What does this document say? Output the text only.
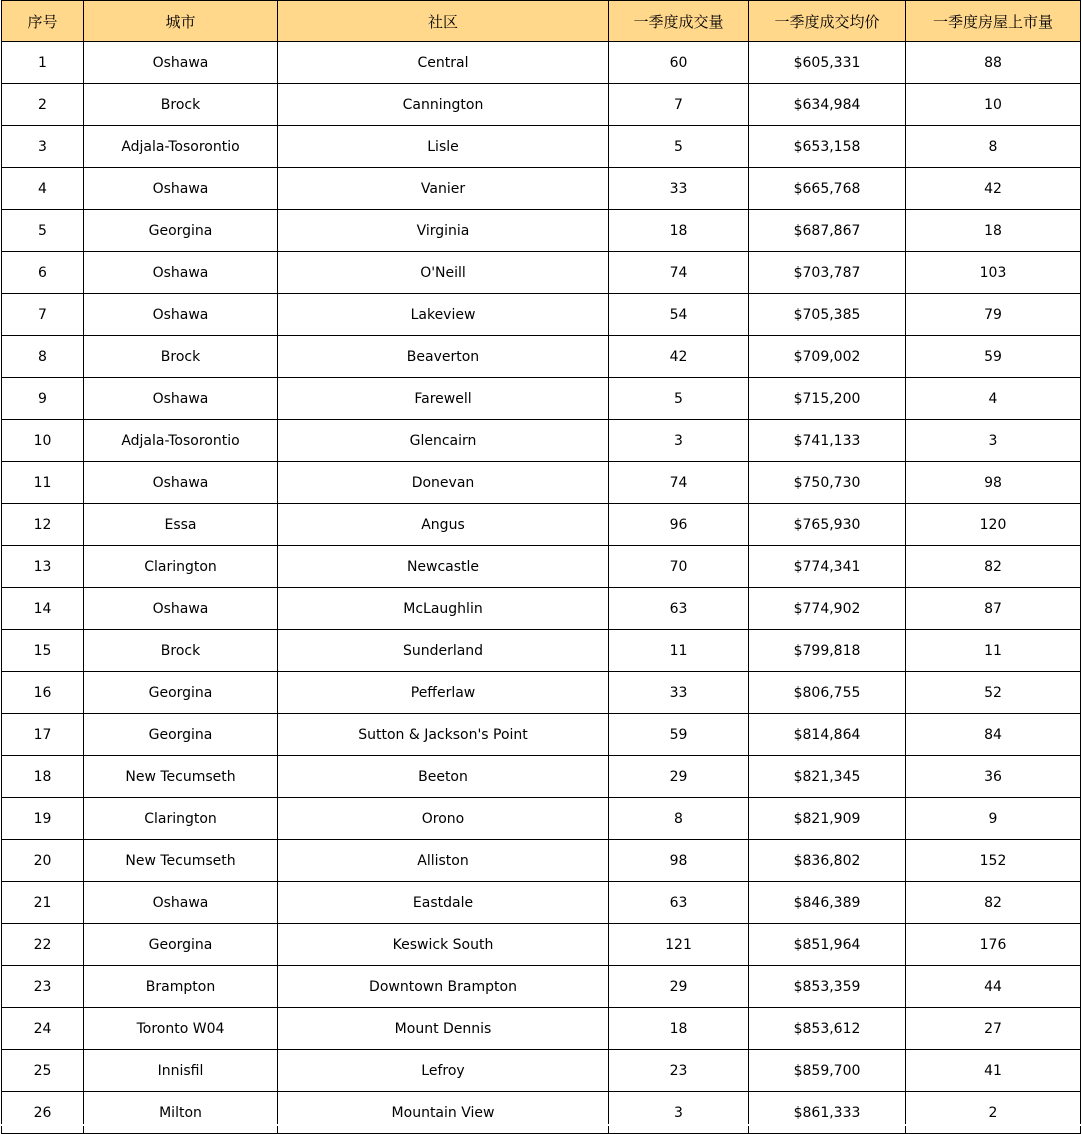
序号	城市	社区	一季度成交量	一季度成交均价	一季度房屋上市量
1	Oshawa	Central	60	$605,331	88
2	Brock	Cannington	7	$634,984	10
3	Adjala-Tosorontio	Lisle	5	$653,158	8
4	Oshawa	Vanier	33	$665,768	42
5	Georgina	Virginia	18	$687,867	18
6	Oshawa	O'Neill	74	$703,787	103
7	Oshawa	Lakeview	54	$705,385	79
8	Brock	Beaverton	42	$709,002	59
9	Oshawa	Farewell	5	$715,200	4
10	Adjala-Tosorontio	Glencairn	3	$741,133	3
11	Oshawa	Donevan	74	$750,730	98
12	Essa	Angus	96	$765,930	120
13	Clarington	Newcastle	70	$774,341	82
14	Oshawa	McLaughlin	63	$774,902	87
15	Brock	Sunderland	11	$799,818	11
16	Georgina	Pefferlaw	33	$806,755	52
17	Georgina	Sutton & Jackson's Point	59	$814,864	84
18	New Tecumseth	Beeton	29	$821,345	36
19	Clarington	Orono	8	$821,909	9
20	New Tecumseth	Alliston	98	$836,802	152
21	Oshawa	Eastdale	63	$846,389	82
22	Georgina	Keswick South	121	$851,964	176
23	Brampton	Downtown Brampton	29	$853,359	44
24	Toronto W04	Mount Dennis	18	$853,612	27
25	Innisfil	Lefroy	23	$859,700	41
26	Milton	Mountain View	3	$861,333	2
